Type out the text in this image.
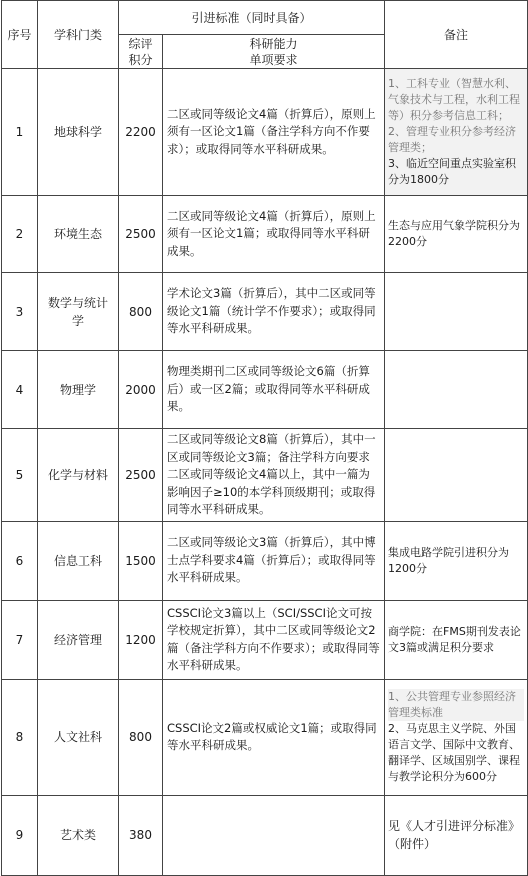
序号	学科门类	引进标准（同时具备）		备注
		综评积分	科研能力
单项要求	

1	地球科学	2200	二区或同等级论文4篇（折算后），原则上须有一区论文1篇（备注学科方向不作要求）；或取得同等水平科研成果。	1、工科专业（智慧水利、气象技术与工程，水利工程等）积分参考信息工科；
2、管理专业积分参考经济管理类；
3、临近空间重点实验室积分为1800分

2	环境生态	2500	二区或同等级论文4篇（折算后），原则上须有一区论文1篇；或取得同等水平科研成果。	生态与应用气象学院积分为2200分

3	数学与统计学	800	学术论文3篇（折算后），其中二区或同等级论文1篇（统计学不作要求）；或取得同等水平科研成果。	
4	物理学	2000	物理类期刊二区或同等级论文6篇（折算后）或一区2篇；或取得同等水平科研成果。	
5	化学与材料	2500	二区或同等级论文8篇（折算后），其中一区或同等级论文3篇；备注学科方向要求二区或同等级论文4篇以上，其中一篇为影响因子≥10的本学科顶级期刊；或取得同等水平科研成果。	
6	信息工科	1500	二区或同等级论文3篇（折算后），其中博士点学科要求4篇（折算后）；或取得同等水平科研成果。	集成电路学院引进积分为1200分

7	经济管理	1200	CSSCI论文3篇以上（SCI/SSCI论文可按学校规定折算），其中二区或同等级论文2篇（备注学科方向不作要求）；或取得同等水平科研成果。	商学院：在FMS期刊发表论文3篇或满足积分要求

8	人文社科	800	CSSCI论文2篇或权威论文1篇；或取得同等水平科研成果。	1、公共管理专业参照经济管理类标准
2、马克思主义学院、外国语言文学、国际中文教育、翻译学、区域国别学、课程与教学论积分为600分

9	艺术类	380		见《人才引进评分标准》（附件）
